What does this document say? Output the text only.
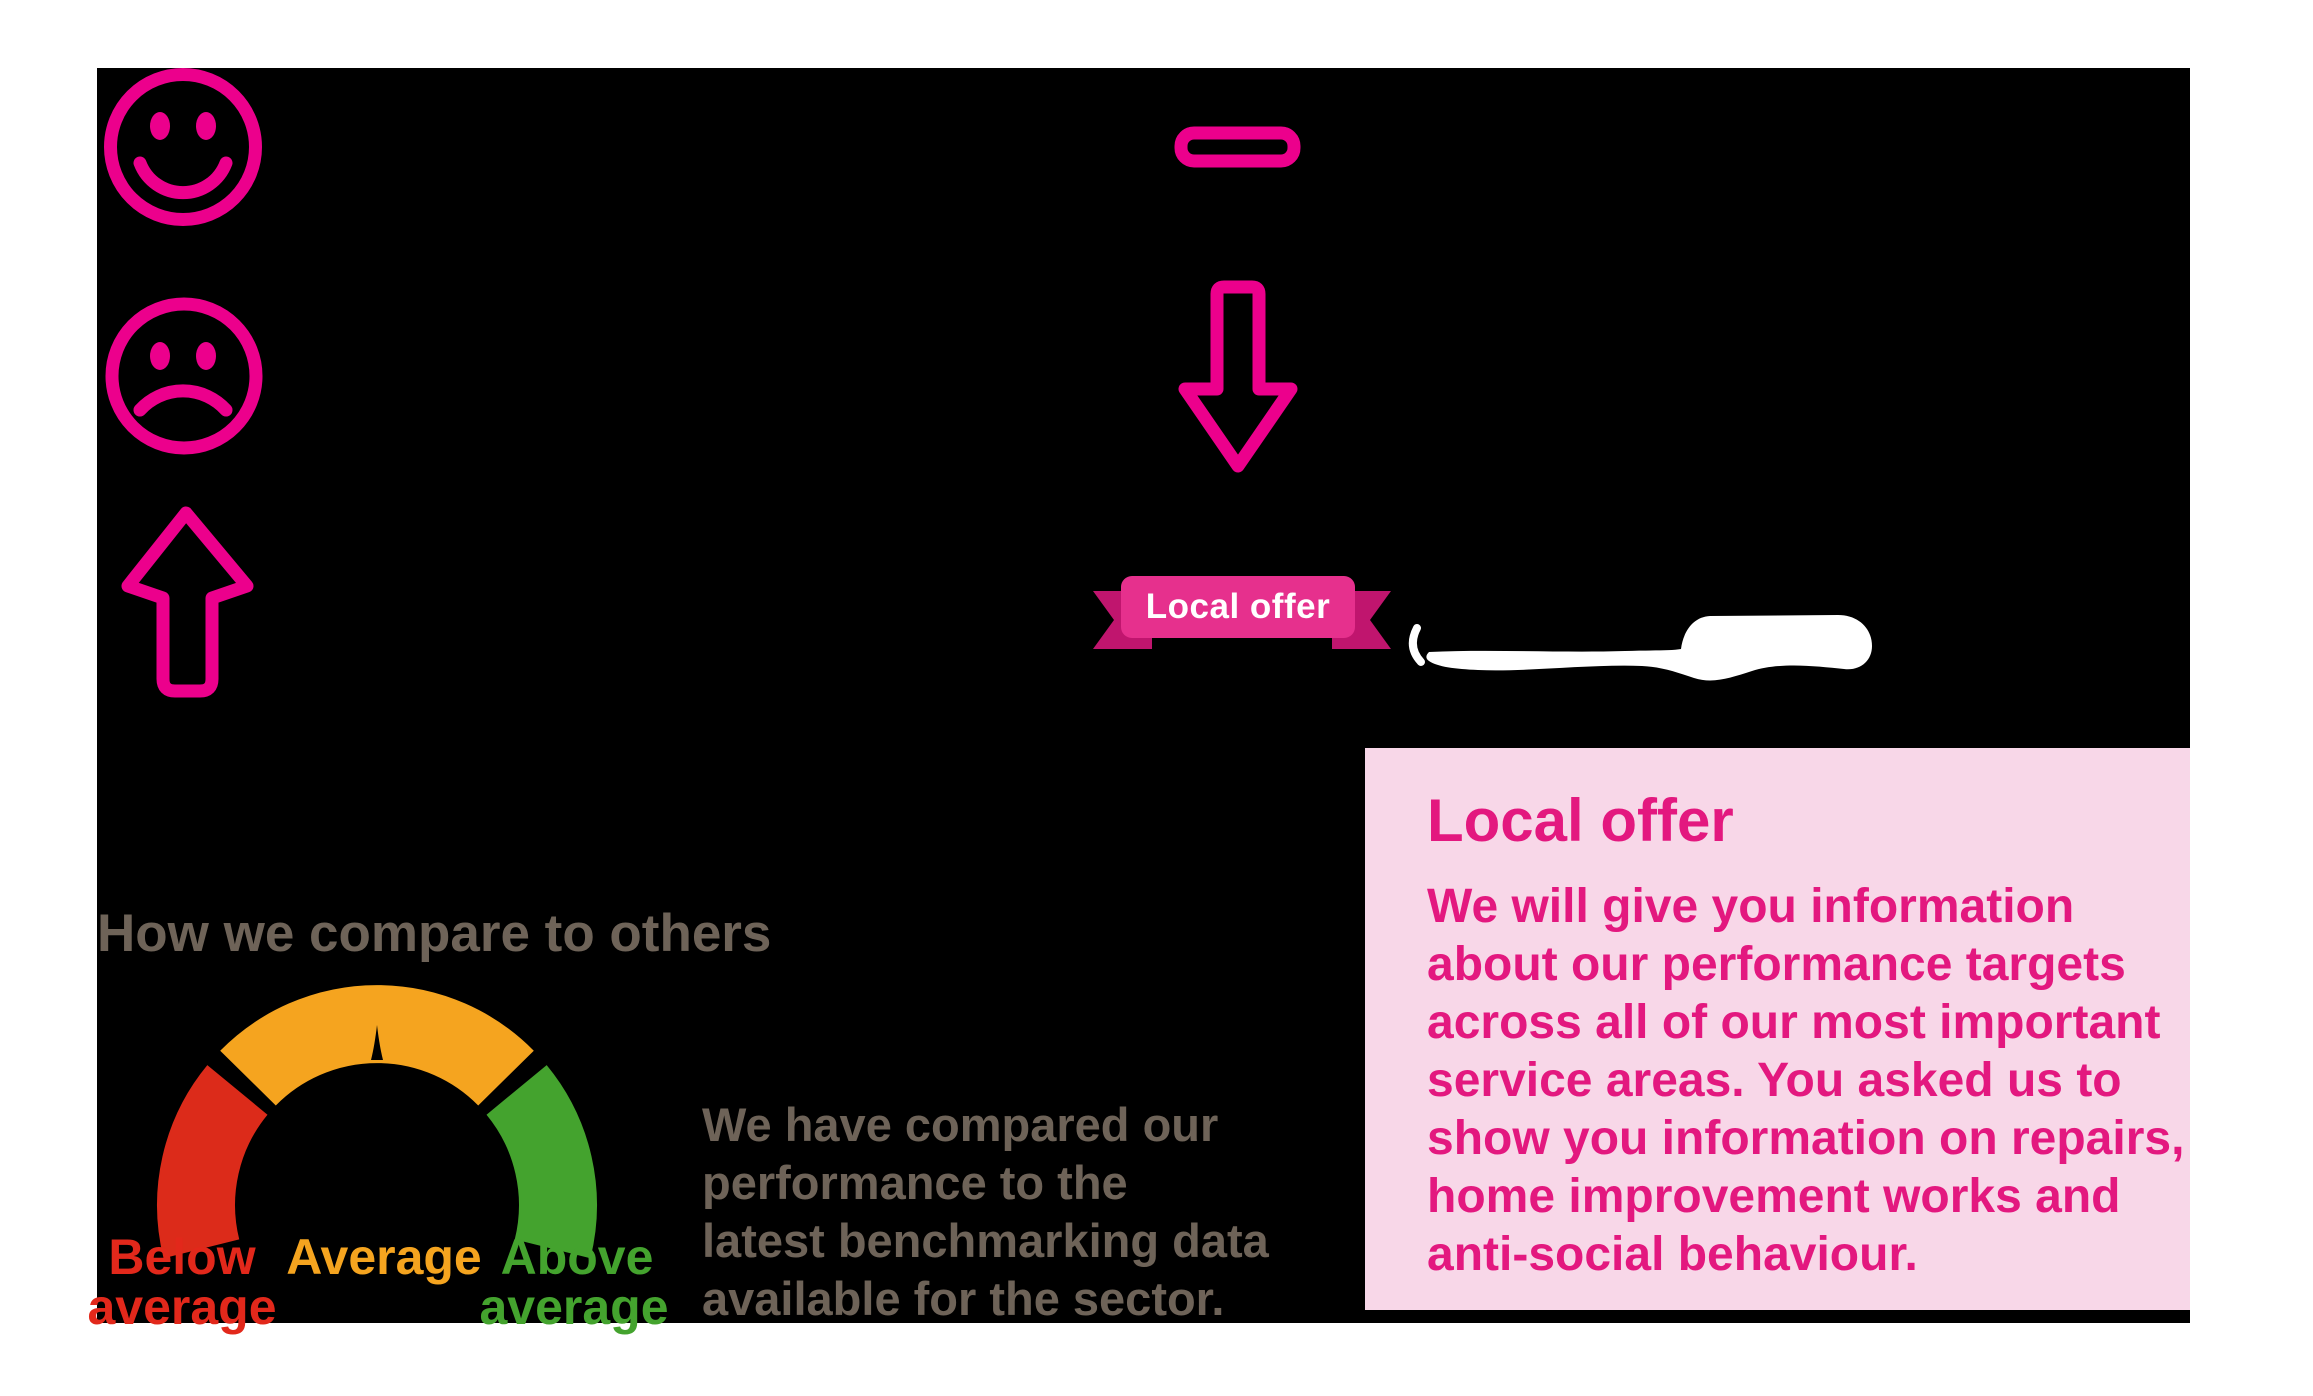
Local offer
We will give you information
about our performance targets
across all of our most important
service areas. You asked us to
show you information on repairs,
home improvement works and
anti-social behaviour.
Local offer
How we compare to others
We have compared our
performance to the
latest benchmarking data
available for the sector.
Below
average
Average Above
average
